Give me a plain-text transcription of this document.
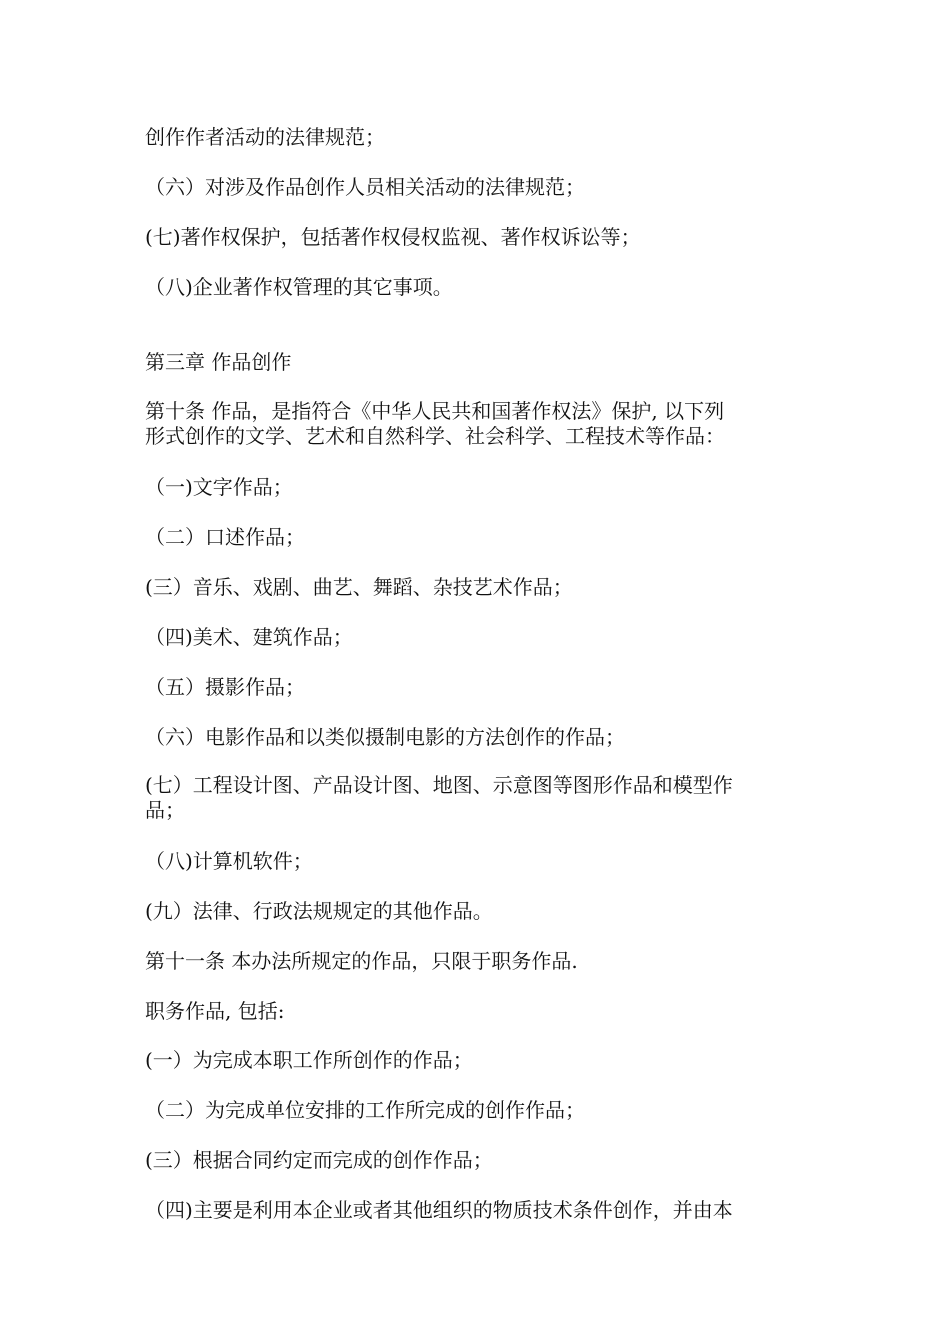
创作作者活动的法律规范；

（六）对涉及作品创作人员相关活动的法律规范；

(七)著作权保护，包括著作权侵权监视、著作权诉讼等；

（八)企业著作权管理的其它事项。

第三章 作品创作

第十条 作品，是指符合《中华人民共和国著作权法》保护, 以下列

形式创作的文学、艺术和自然科学、社会科学、工程技术等作品：

（一)文字作品；

（二）口述作品；

(三）音乐、戏剧、曲艺、舞蹈、杂技艺术作品；

（四)美术、建筑作品；

（五）摄影作品；

（六）电影作品和以类似摄制电影的方法创作的作品；

(七）工程设计图、产品设计图、地图、示意图等图形作品和模型作

品；

（八)计算机软件；

(九）法律、行政法规规定的其他作品。

第十一条 本办法所规定的作品，只限于职务作品.

职务作品, 包括:

(一）为完成本职工作所创作的作品；

（二）为完成单位安排的工作所完成的创作作品；

(三）根据合同约定而完成的创作作品；

（四)主要是利用本企业或者其他组织的物质技术条件创作，并由本
